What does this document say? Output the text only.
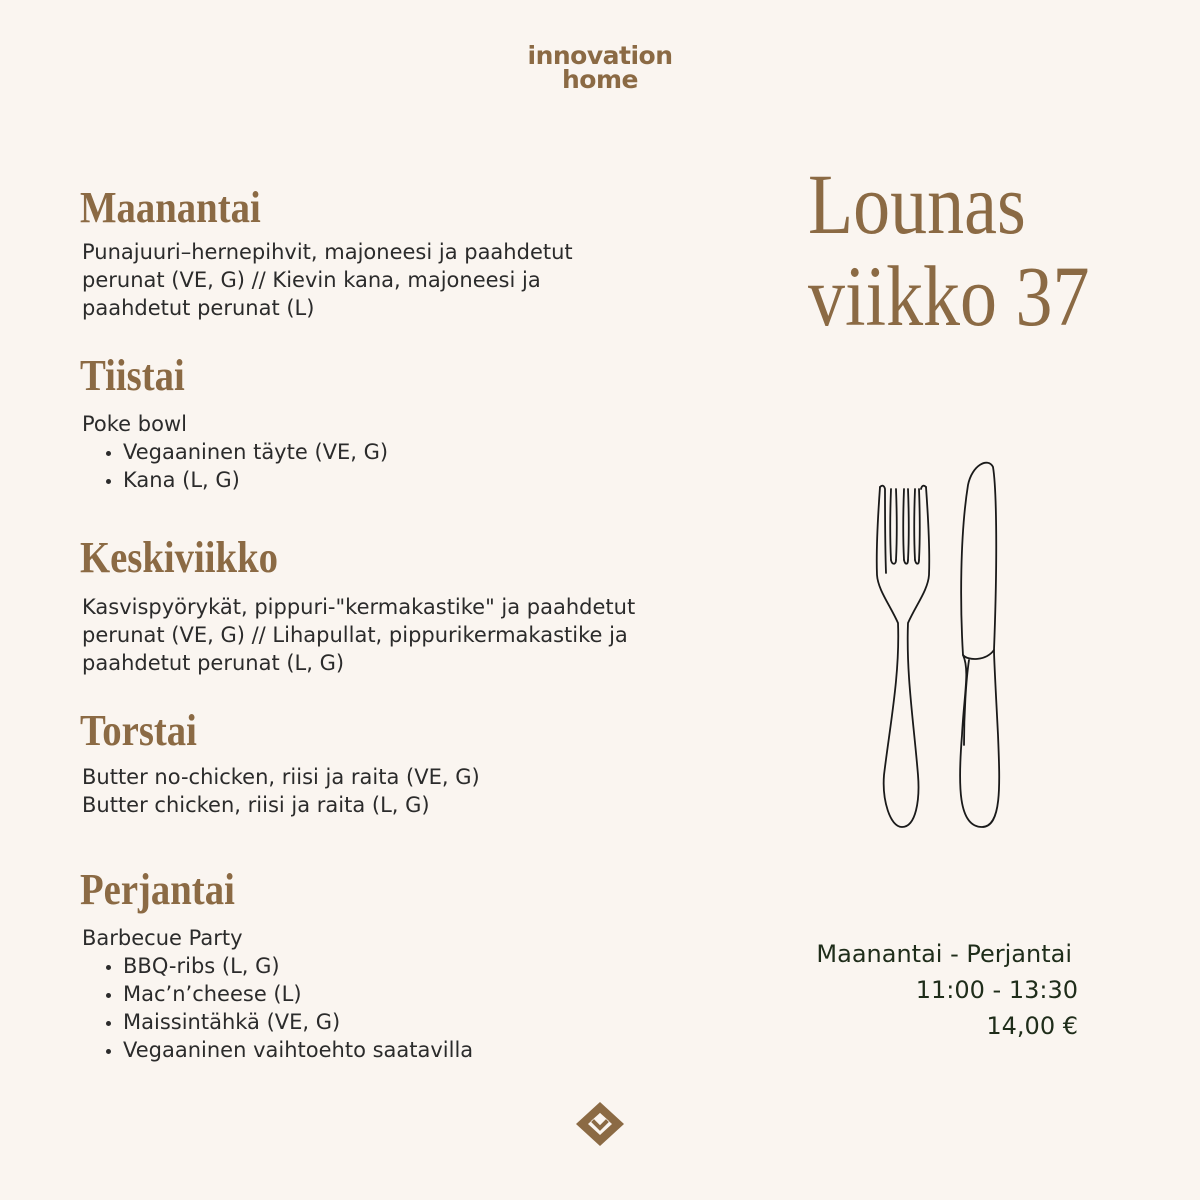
innovation
home
Maanantai

Punajuuri–hernepihvit, majoneesi ja paahdetut perunat (VE, G) // Kievin kana, majoneesi ja paahdetut perunat (L)

Tiistai

Poke bowl

• Vegaaninen täyte (VE, G)
• Kana (L, G)
Keskiviikko

Kasvispyörykät, pippuri-"kermakastike" ja paahdetut perunat (VE, G) // Lihapullat, pippurikermakastike ja paahdetut perunat (L, G)

Torstai

Butter no-chicken, riisi ja raita (VE, G)

Butter chicken, riisi ja raita (L, G)

Perjantai

Barbecue Party

• BBQ-ribs (L, G)
• Mac’n’cheese (L)
• Maissintähkä (VE, G)
• Vegaaninen vaihtoehto saatavilla
Lounas
viikko 37
Maanantai - Perjantai
11:00 - 13:30
14,00 €
